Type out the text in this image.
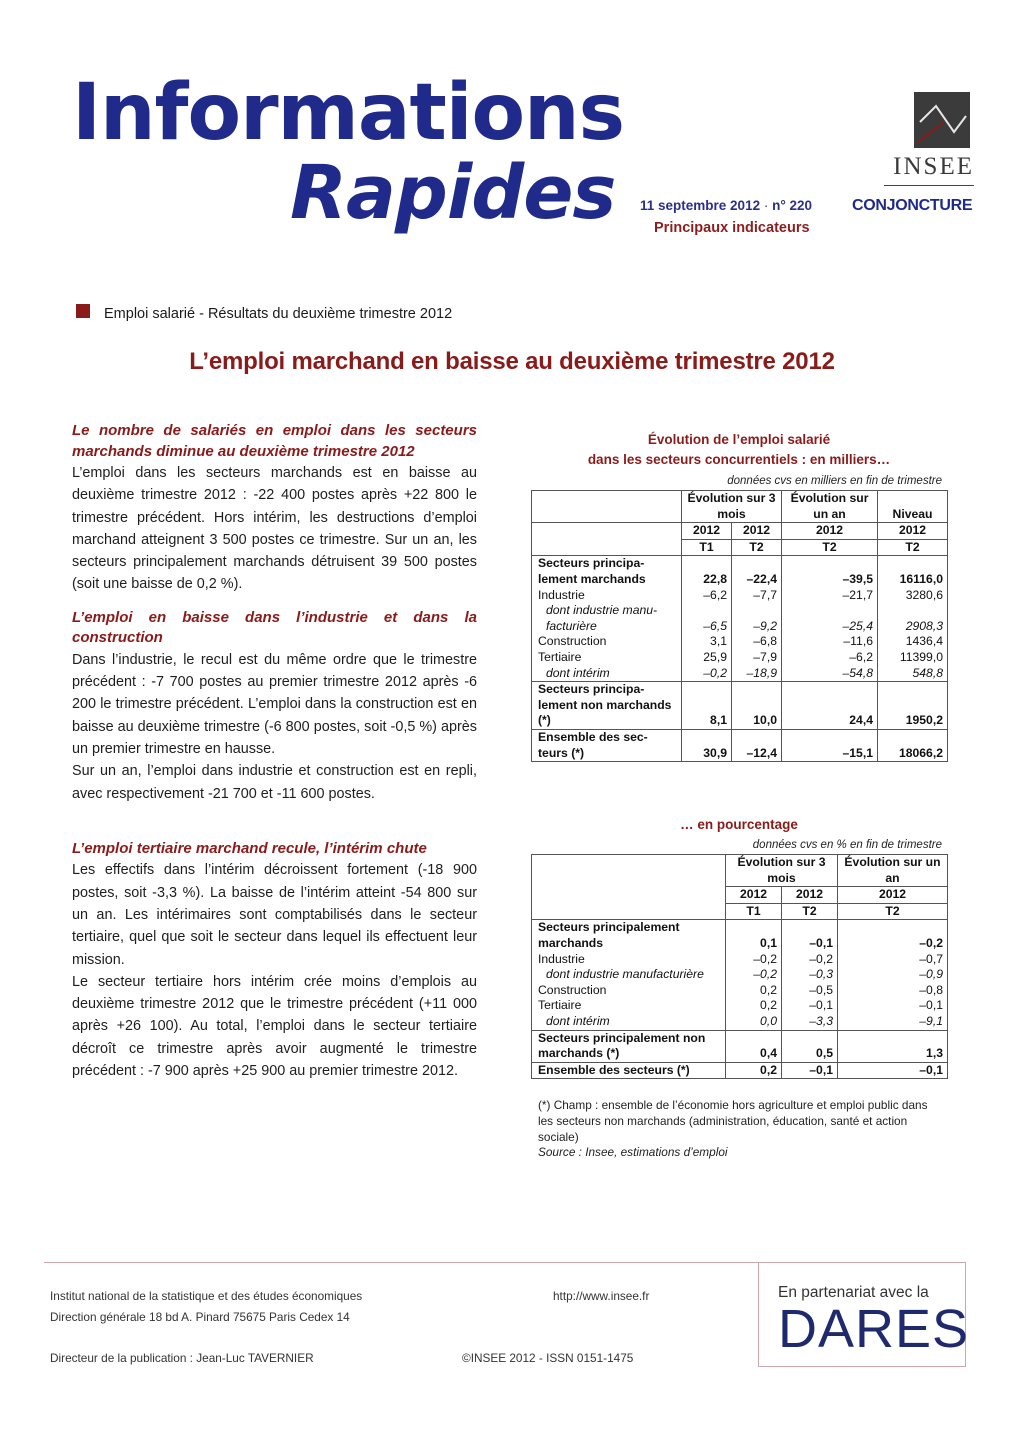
Informations
Rapides 11 septembre 2012 · n° 220
Principaux indicateurs
INSEE
CONJONCTURE
Emploi salarié - Résultats du deuxième trimestre 2012
L’emploi marchand en baisse au deuxième trimestre 2012
Le nombre de salariés en emploi dans les secteurs marchands diminue au deuxième trimestre 2012

L’emploi dans les secteurs marchands est en baisse au deuxième trimestre 2012 : -22 400 postes après +22 800 le trimestre précédent. Hors intérim, les destructions d’emploi marchand atteignent 3 500 postes ce trimestre. Sur un an, les secteurs principalement marchands détruisent 39 500 postes (soit une baisse de 0,2 %).

L’emploi en baisse dans l’industrie et dans la construction

Dans l’industrie, le recul est du même ordre que le trimestre précédent : -7 700 postes au premier trimestre 2012 après -6 200 le trimestre précédent. L’emploi dans la construction est en baisse au deuxième trimestre (-6 800 postes, soit -0,5 %) après un premier trimestre en hausse.

Sur un an, l’emploi dans industrie et construction est en repli, avec respectivement -21 700 et -11 600 postes.

L’emploi tertiaire marchand recule, l’intérim chute

Les effectifs dans l’intérim décroissent fortement (-18 900 postes, soit -3,3 %). La baisse de l’intérim atteint -54 800 sur un an. Les intérimaires sont comptabilisés dans le secteur tertiaire, quel que soit le secteur dans lequel ils effectuent leur mission.

Le secteur tertiaire hors intérim crée moins d’emplois au deuxième trimestre 2012 que le trimestre précédent (+11 000 après +26 100). Au total, l’emploi dans le secteur tertiaire décroît ce trimestre après avoir augmenté le trimestre précédent : -7 900 après +25 900 au premier trimestre 2012.

Évolution de l’emploi salarié
dans les secteurs concurrentiels : en milliers…
données cvs en milliers en fin de trimestre
	Évolution sur 3 mois		Évolution sur un an	Niveau
	2012	2012	2012	2012
	T1	T2	T2	T2
Secteurs principa-lement marchands	22,8	–22,4	–39,5	16116,0
Industrie	–6,2	–7,7	–21,7	3280,6
dont industrie manu-facturière	–6,5	–9,2	–25,4	2908,3
Construction	3,1	–6,8	–11,6	1436,4
Tertiaire	25,9	–7,9	–6,2	11399,0
dont intérim	–0,2	–18,9	–54,8	548,8
Secteurs principa-lement non marchands (*)	8,1	10,0	24,4	1950,2
Ensemble des sec-teurs (*)	30,9	–12,4	–15,1	18066,2
… en pourcentage
données cvs en % en fin de trimestre
	Évolution sur 3 mois		Évolution sur un an
	2012	2012	2012
	T1	T2	T2
Secteurs principalement marchands	0,1	–0,1	–0,2
Industrie	–0,2	–0,2	–0,7
dont industrie manufacturière	–0,2	–0,3	–0,9
Construction	0,2	–0,5	–0,8
Tertiaire	0,2	–0,1	–0,1
dont intérim	0,0	–3,3	–9,1
Secteurs principalement non marchands (*)	0,4	0,5	1,3
Ensemble des secteurs (*)	0,2	–0,1	–0,1
(*) Champ : ensemble de l’économie hors agriculture et emploi public dans les secteurs non marchands (administration, éducation, santé et action sociale)
Source : Insee, estimations d’emploi
Institut national de la statistique et des études économiques
Direction générale 18 bd A. Pinard 75675 Paris Cedex 14
Directeur de la publication : Jean-Luc TAVERNIER
http://www.insee.fr
©INSEE 2012 - ISSN 0151-1475
En partenariat avec la
DARES
